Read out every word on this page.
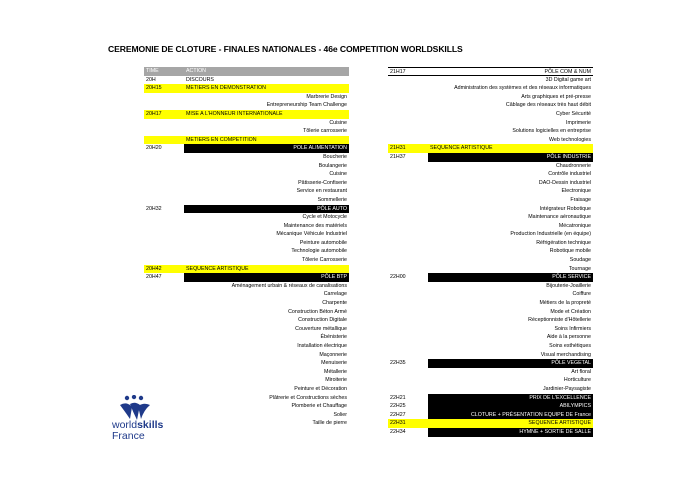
CEREMONIE DE CLOTURE - FINALES NATIONALES - 46e COMPETITION WORLDSKILLS
TIME	ACTION
20H	DISCOURS
20H15	METIERS EN DEMONSTRATION
Marbrerie Design
Entrepreneurship Team Challenge
20H17	MISE A L'HONNEUR INTERNATIONALE
Cuisine
Tôlerie carrosserie
METIERS EN COMPETITION
20H20	POLE ALIMENTATION
Boucherie
Boulangerie
Cuisine
Pâtisserie-Confiserie
Service en restaurant
Sommellerie
20H32	PÔLE AUTO
Cycle et Motocycle
Maintenance des matériels
Mécanique Véhicule Industriel
Peinture automobile
Technologie automobile
Tôlerie Carrosserie
20H42	SEQUENCE ARTISTIQUE
20H47	PÔLE BTP
Aménagement urbain & réseaux de canalisations
Carrelage
Charpente
Construction Béton Armé
Construction Digitale
Couverture métallique
Ébénisterie
Installation électrique
Maçonnerie
Menuiserie
Métallerie
Miroiterie
Peinture et Décoration
Plâtrerie et Constructions sèches
Plomberie et Chauffage
Solier
Taille de pierre
21H17	PÔLE COM & NUM
3D Digital game art
Administration des systèmes et des réseaux informatiques
Arts graphiques et pré-presse
Câblage des réseaux très haut débit
Cyber Sécurité
Imprimerie
Solutions logicielles en entreprise
Web technologies
21H31	SEQUENCE ARTISTIQUE
21H37	PÔLE INDUSTRIE
Chaudronnerie
Contrôle industriel
DAO-Dessin industriel
Electronique
Fraisage
Intégrateur Robotique
Maintenance aéronautique
Mécatronique
Production Industrielle (en équipe)
Réfrigération technique
Robotique mobile
Soudage
Tournage
22H00	PÔLE SERVICE
Bijouterie-Joaillerie
Coiffure
Métiers de la propreté
Mode et Création
Réceptionniste d'Hôtellerie
Soins Infirmiers
Aide à la personne
Soins esthétiques
Visual merchandising
22H35	PÔLE VEGETAL
Art floral
Horticulture
Jardinier-Paysagiste
22H21	PRIX DE L'EXCELLENCE
22H25	ABILYMPICS
22H27	CLOTURE + PRÉSENTATION EQUIPE DE France
22H31	SEQUENCE ARTISTIQUE
22H34	HYMNE + SORTIE DE SALLE
worldskills
France
